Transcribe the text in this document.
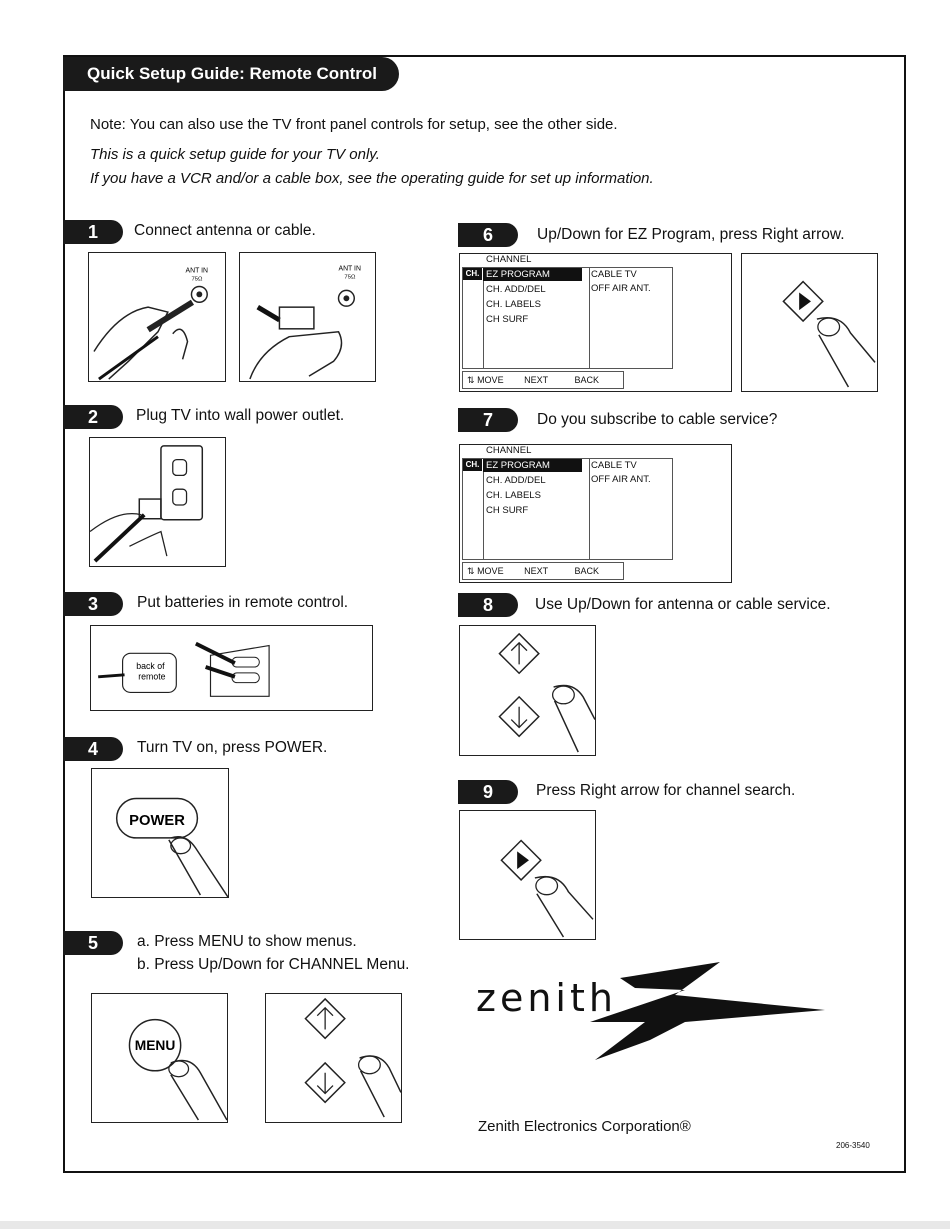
Quick Setup Guide: Remote Control
Note: You can also use the TV front panel controls for setup, see the other side.
This is a quick setup guide for your TV only.
If you have a VCR and/or a cable box, see the operating guide for set up information.
1	Connect antenna or cable.
ANT IN
75Ω
ANT IN
75Ω
2	Plug TV into wall power outlet.
3	Put batteries in remote control.
back of
remote
4	Turn TV on, press POWER.
POWER
5	a. Press MENU to show menus.
b. Press Up/Down for CHANNEL Menu.
MENU
6	Up/Down for EZ Program, press Right arrow.
CHANNEL
CH. EZ PROGRAM
CH. ADD/DEL
CH. LABELS
CH SURF
CABLE TV
OFF AIR ANT.
⇅ MOVE NEXT	BACK
7	Do you subscribe to cable service?
CHANNEL
CH. EZ PROGRAM
CH. ADD/DEL
CH. LABELS
CH SURF
CABLE TV
OFF AIR ANT.
⇅ MOVE NEXT	BACK
8	Use Up/Down for antenna or cable service.
9	Press Right arrow for channel search.
zenith
Zenith Electronics Corporation®
206-3540
